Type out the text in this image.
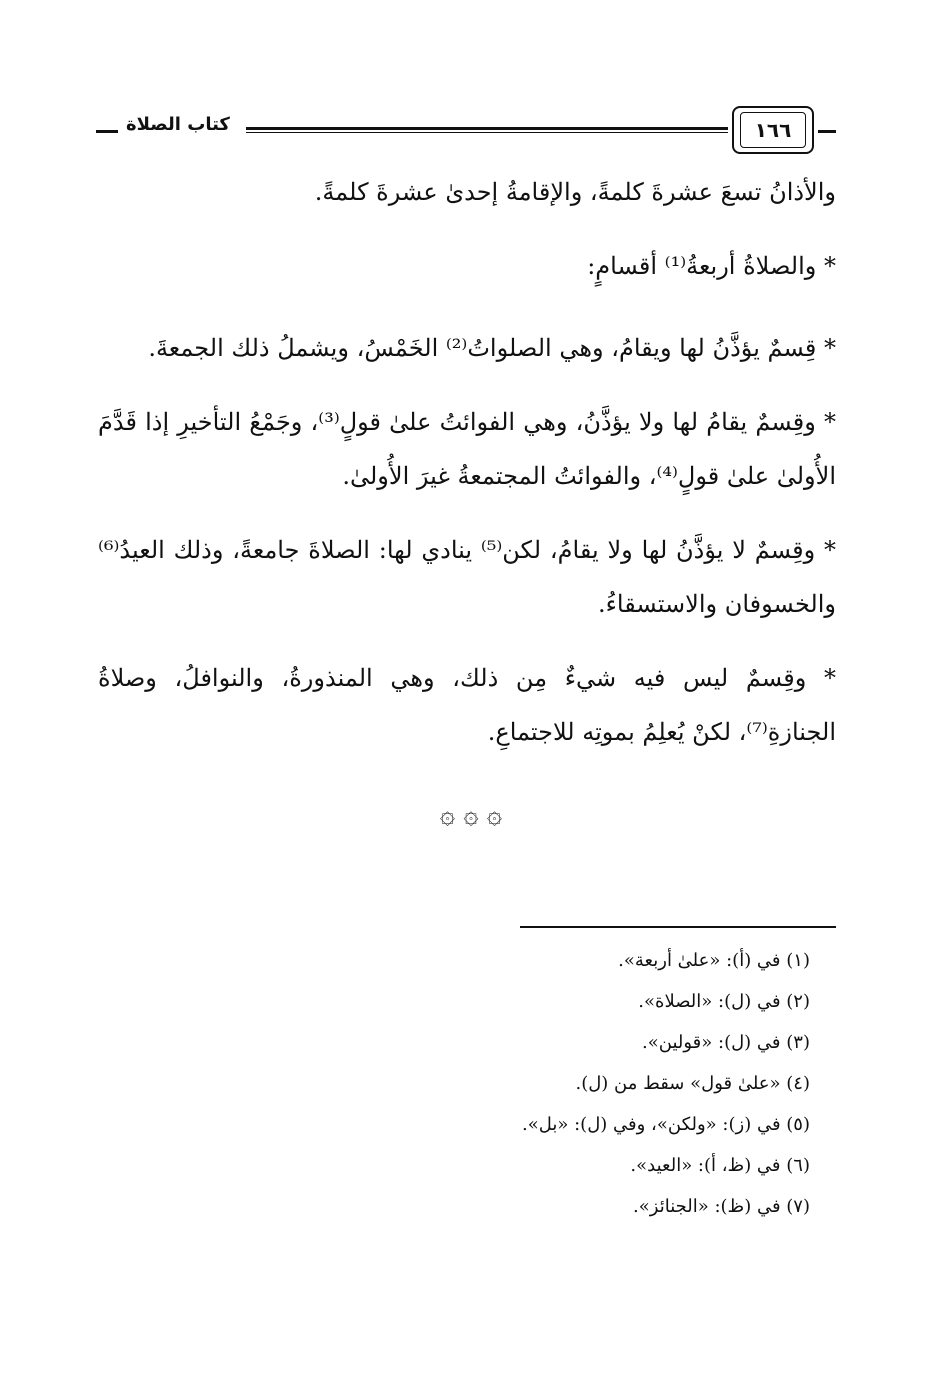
كتاب الصلاة	١٦٦

والأذانُ تسعَ عشرةَ كلمةً، والإقامةُ إحدىٰ عشرةَ كلمةً.

* والصلاةُ أربعةُ⁽¹⁾ أقسامٍ:

* قِسمٌ يؤذَّنُ لها ويقامُ، وهي الصلواتُ⁽²⁾ الخَمْسُ، ويشملُ ذلك الجمعةَ.

* وقِسمٌ يقامُ لها ولا يؤذَّنُ، وهي الفوائتُ علىٰ قولٍ⁽³⁾، وجَمْعُ التأخيرِ إذا قَدَّمَ الأُولىٰ علىٰ قولٍ⁽⁴⁾، والفوائتُ المجتمعةُ غيرَ الأُولىٰ.

* وقِسمٌ لا يؤذَّنُ لها ولا يقامُ، لكن⁽⁵⁾ ينادي لها: الصلاةَ جامعةً، وذلك العيدُ⁽⁶⁾ والخسوفان والاستسقاءُ.

* وقِسمٌ ليس فيه شيءٌ مِن ذلك، وهي المنذورةُ، والنوافلُ، وصلاةُ الجنازةِ⁽⁷⁾، لكنْ يُعلِمُ بموتِه للاجتماعِ.

۞ ۞ ۞
(١) في (أ): «علىٰ أربعة».
(٢) في (ل): «الصلاة».
(٣) في (ل): «قولين».
(٤) «علىٰ قول» سقط من (ل).
(٥) في (ز): «ولكن»، وفي (ل): «بل».
(٦) في (ظ، أ): «العيد».
(٧) في (ظ): «الجنائز».
